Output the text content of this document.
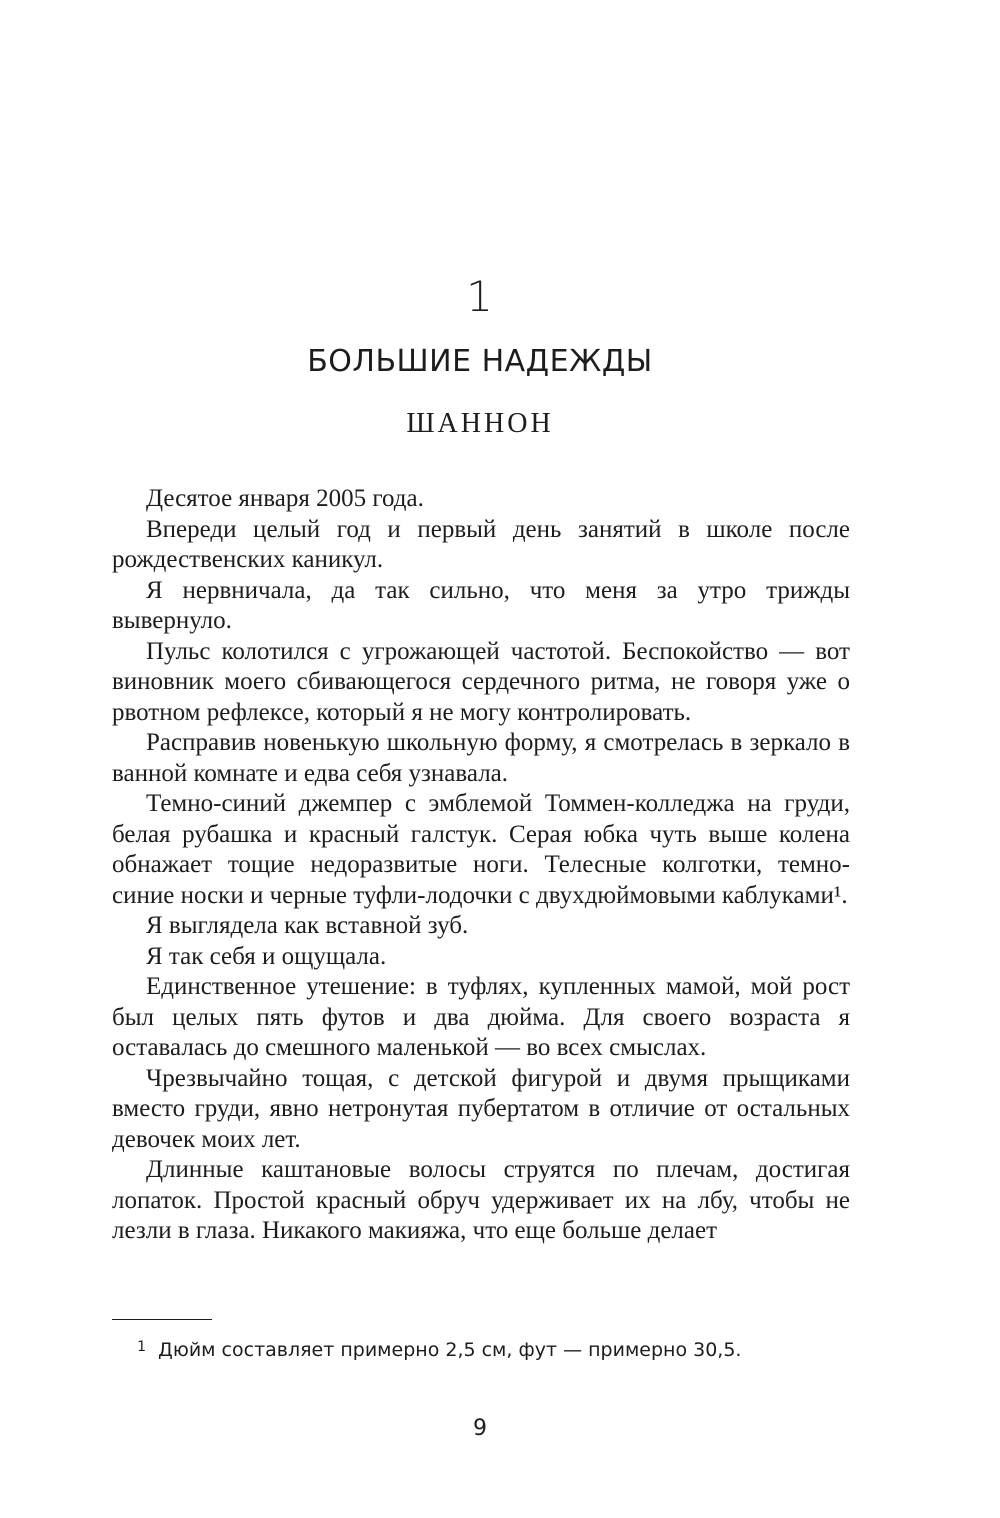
1
БОЛЬШИЕ НАДЕЖДЫ
ШАННОН

Десятое января 2005 года.

Впереди целый год и первый день занятий в школе после рождественских каникул.

Я нервничала, да так сильно, что меня за утро трижды вывернуло.

Пульс колотился с угрожающей частотой. Беспокойство — вот виновник моего сбивающегося сердечного ритма, не говоря уже о рвотном рефлексе, который я не могу контролировать.

Расправив новенькую школьную форму, я смотрелась в зеркало в ванной комнате и едва себя узнавала.

Темно-синий джемпер с эмблемой Томмен-колледжа на груди, белая рубашка и красный галстук. Серая юбка чуть выше колена обнажает тощие недоразвитые ноги. Телесные колготки, темно-синие носки и черные туфли-лодочки с двухдюймовыми каблуками¹.

Я выглядела как вставной зуб.

Я так себя и ощущала.

Единственное утешение: в туфлях, купленных мамой, мой рост был целых пять футов и два дюйма. Для своего возраста я оставалась до смешного маленькой — во всех смыслах.

Чрезвычайно тощая, с детской фигурой и двумя прыщиками вместо груди, явно нетронутая пубертатом в отличие от остальных девочек моих лет.

Длинные каштановые волосы струятся по плечам, достигая лопаток. Простой красный обруч удерживает их на лбу, чтобы не лезли в глаза. Никакого макияжа, что еще больше делает

1 Дюйм составляет примерно 2,5 см, фут — примерно 30,5.
9
